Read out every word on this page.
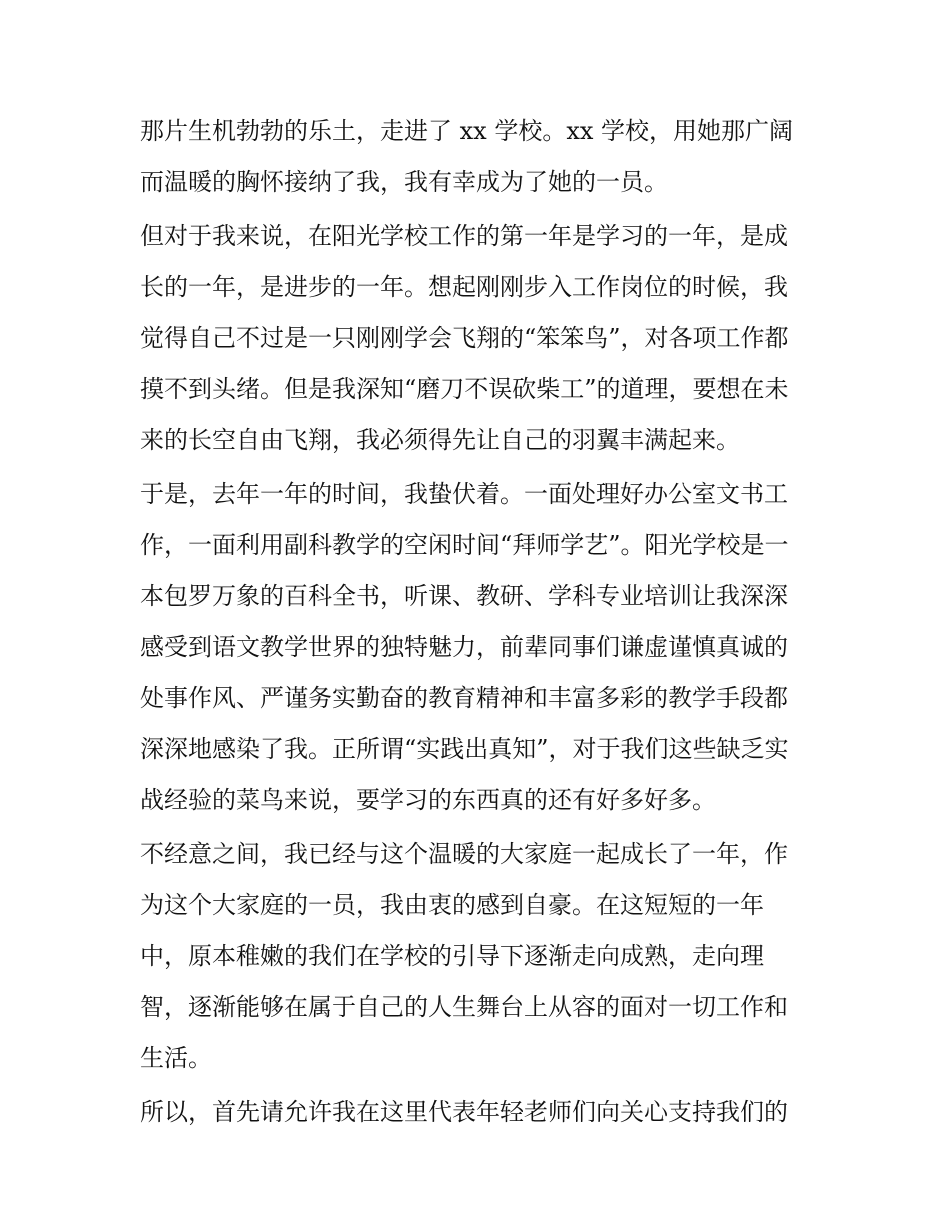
那片生机勃勃的乐土，走进了 xx 学校。xx 学校，用她那广阔
而温暖的胸怀接纳了我，我有幸成为了她的一员。
但对于我来说，在阳光学校工作的第一年是学习的一年，是成
长的一年，是进步的一年。想起刚刚步入工作岗位的时候，我
觉得自己不过是一只刚刚学会飞翔的“笨笨鸟”，对各项工作都
摸不到头绪。但是我深知“磨刀不误砍柴工”的道理，要想在未
来的长空自由飞翔，我必须得先让自己的羽翼丰满起来。
于是，去年一年的时间，我蛰伏着。一面处理好办公室文书工
作，一面利用副科教学的空闲时间“拜师学艺”。阳光学校是一
本包罗万象的百科全书，听课、教研、学科专业培训让我深深
感受到语文教学世界的独特魅力，前辈同事们谦虚谨慎真诚的
处事作风、严谨务实勤奋的教育精神和丰富多彩的教学手段都
深深地感染了我。正所谓“实践出真知”，对于我们这些缺乏实
战经验的菜鸟来说，要学习的东西真的还有好多好多。
不经意之间，我已经与这个温暖的大家庭一起成长了一年，作
为这个大家庭的一员，我由衷的感到自豪。在这短短的一年
中，原本稚嫩的我们在学校的引导下逐渐走向成熟，走向理
智，逐渐能够在属于自己的人生舞台上从容的面对一切工作和
生活。
所以，首先请允许我在这里代表年轻老师们向关心支持我们的
